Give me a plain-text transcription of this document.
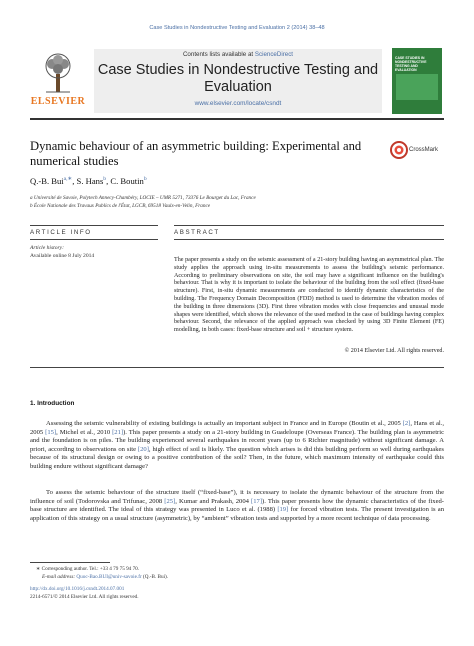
Case Studies in Nondestructive Testing and Evaluation 2 (2014) 38–48
ELSEVIER
Contents lists available at ScienceDirect
Case Studies in Nondestructive Testing and Evaluation
www.elsevier.com/locate/csndt
CASE STUDIES IN NONDESTRUCTIVE TESTING AND EVALUATION
Dynamic behaviour of an asymmetric building: Experimental and numerical studies
CrossMark
Q.-B. Bui$^{a,∗}$, S. Hans$^b$, C. Boutin$^b$
a Université de Savoie, Polytech Annecy-Chambéry, LOCIE – UMR 5271, 73376 Le Bourget du Lac, France
b École Nationale des Travaux Publics de l'État, LGCB, 69518 Vaulx-en-Velin, France
ARTICLE INFO	ABSTRACT
Article history:
Available online 8 July 2014
The paper presents a study on the seismic assessment of a 21-story building having an asymmetrical plan. The study applies the approach using in-situ measurements to assess the building's seismic performance. According to preliminary observations on site, the soil may have a significant influence on the building's behaviour. That is why it is important to isolate the behaviour of the building from the soil effect (fixed-base structure). First, in-situ dynamic measurements are conducted to identify dynamic characteristics of the building. The Frequency Domain Decomposition (FDD) method is used to determine the vibration modes of the building in three dimensions (3D). First three vibration modes with close frequencies and unusual mode shapes were identified, which shows the relevance of the used method in the case of buildings having complex behaviour. Second, the relevance of the applied approach was checked by using 3D Finite Element (FE) modelling, in both cases: fixed-base structure and soil + structure system.
© 2014 Elsevier Ltd. All rights reserved.
1. Introduction
Assessing the seismic vulnerability of existing buildings is actually an important subject in France and in Europe (Boutin et al., 2005 [2], Hans et al., 2005 [15], Michel et al., 2010 [21]). This paper presents a study on a 21-story building in Guadeloupe (Overseas France). The building plan is asymmetric and the foundation is on piles. The building experienced several earthquakes in recent years (up to 6 Richter magnitude) without significant damage. A priori, according to observations on site [20], high effect of soil is likely. The question which arises is did this building perform so well during earthquakes because of its structural design or owing to a positive contribution of the soil? Then, in the future, which maximum intensity of earthquake could this building endure without significant damage?
To assess the seismic behaviour of the structure itself (“fixed-base”), it is necessary to isolate the dynamic behaviour of the structure from the influence of soil (Todorovska and Trifunac, 2008 [25], Kumar and Prakash, 2004 [17]). This paper presents how the dynamic characteristics of the fixed-base structure are identified. The ideal of this strategy was presented in Luco et al. (1988) [19] for forced vibration tests. The present investigation is an application of this strategy on a usual structure (asymmetric), by “ambient” vibration tests and supported by a more recent technique of data processing.
∗ Corresponding author. Tel.: +33 4 79 75 94 70.
E-mail address: Quoc-Bao.BUI@univ-savoie.fr (Q.-B. Bui).
http://dx.doi.org/10.1016/j.csndt.2014.07.001
2214-6571/© 2014 Elsevier Ltd. All rights reserved.
